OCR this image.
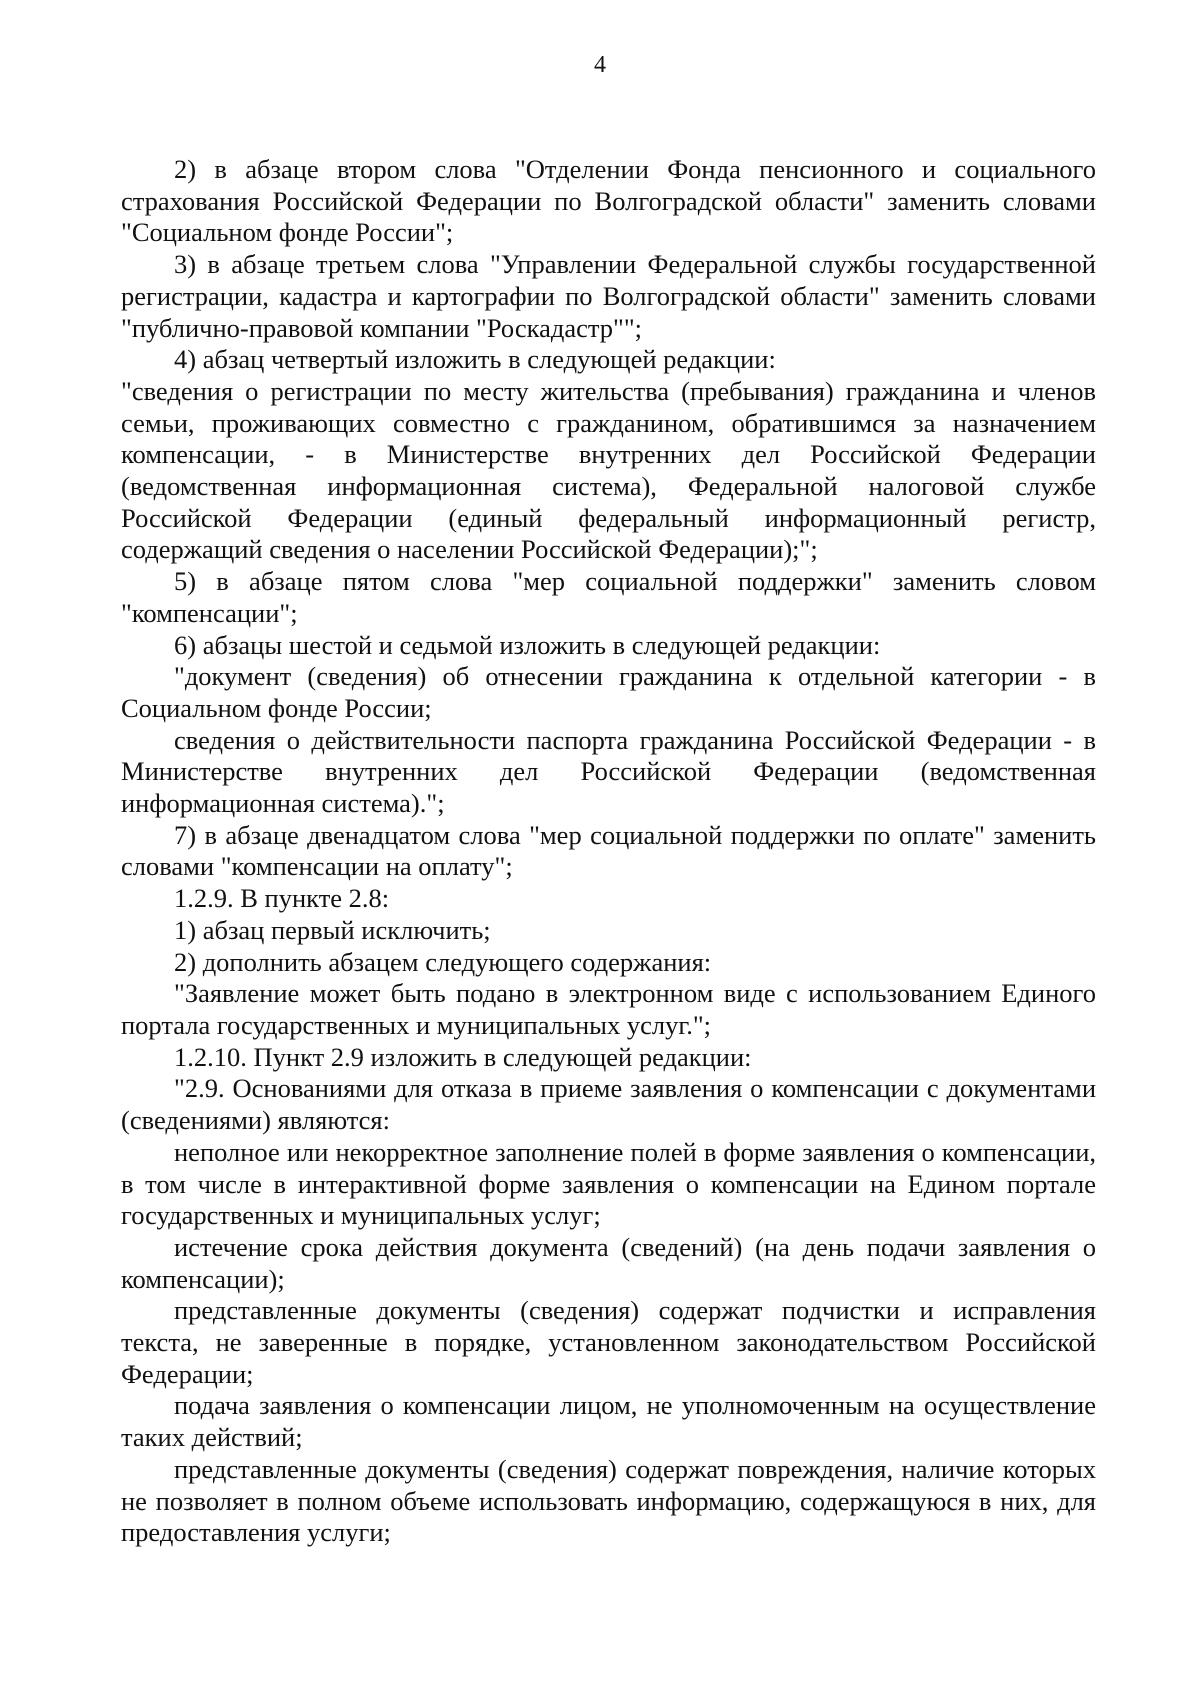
4

2) в абзаце втором слова "Отделении Фонда пенсионного и социального страхования Российской Федерации по Волгоградской области" заменить словами "Социальном фонде России";

3) в абзаце третьем слова "Управлении Федеральной службы государственной регистрации, кадастра и картографии по Волгоградской области" заменить словами "публично-правовой компании "Роскадастр"";

4) абзац четвертый изложить в следующей редакции:

"сведения о регистрации по месту жительства (пребывания) гражданина и членов семьи, проживающих совместно с гражданином, обратившимся за назначением компенсации, - в Министерстве внутренних дел Российской Федерации (ведомственная информационная система), Федеральной налоговой службе Российской Федерации (единый федеральный информационный регистр, содержащий сведения о населении Российской Федерации);";

5) в абзаце пятом слова "мер социальной поддержки" заменить словом "компенсации";

6) абзацы шестой и седьмой изложить в следующей редакции:

"документ (сведения) об отнесении гражданина к отдельной категории - в Социальном фонде России;

сведения о действительности паспорта гражданина Российской Федерации - в Министерстве внутренних дел Российской Федерации (ведомственная информационная система).";

7) в абзаце двенадцатом слова "мер социальной поддержки по оплате" заменить словами "компенсации на оплату";

1.2.9. В пункте 2.8:

1) абзац первый исключить;

2) дополнить абзацем следующего содержания:

"Заявление может быть подано в электронном виде с использованием Единого портала государственных и муниципальных услуг.";

1.2.10. Пункт 2.9 изложить в следующей редакции:

"2.9. Основаниями для отказа в приеме заявления о компенсации с документами (сведениями) являются:

неполное или некорректное заполнение полей в форме заявления о компенсации, в том числе в интерактивной форме заявления о компенсации на Едином портале государственных и муниципальных услуг;

истечение срока действия документа (сведений) (на день подачи заявления о компенсации);

представленные документы (сведения) содержат подчистки и исправления текста, не заверенные в порядке, установленном законодательством Российской Федерации;

подача заявления о компенсации лицом, не уполномоченным на осуществление таких действий;

представленные документы (сведения) содержат повреждения, наличие которых не позволяет в полном объеме использовать информацию, содержащуюся в них, для предоставления услуги;
